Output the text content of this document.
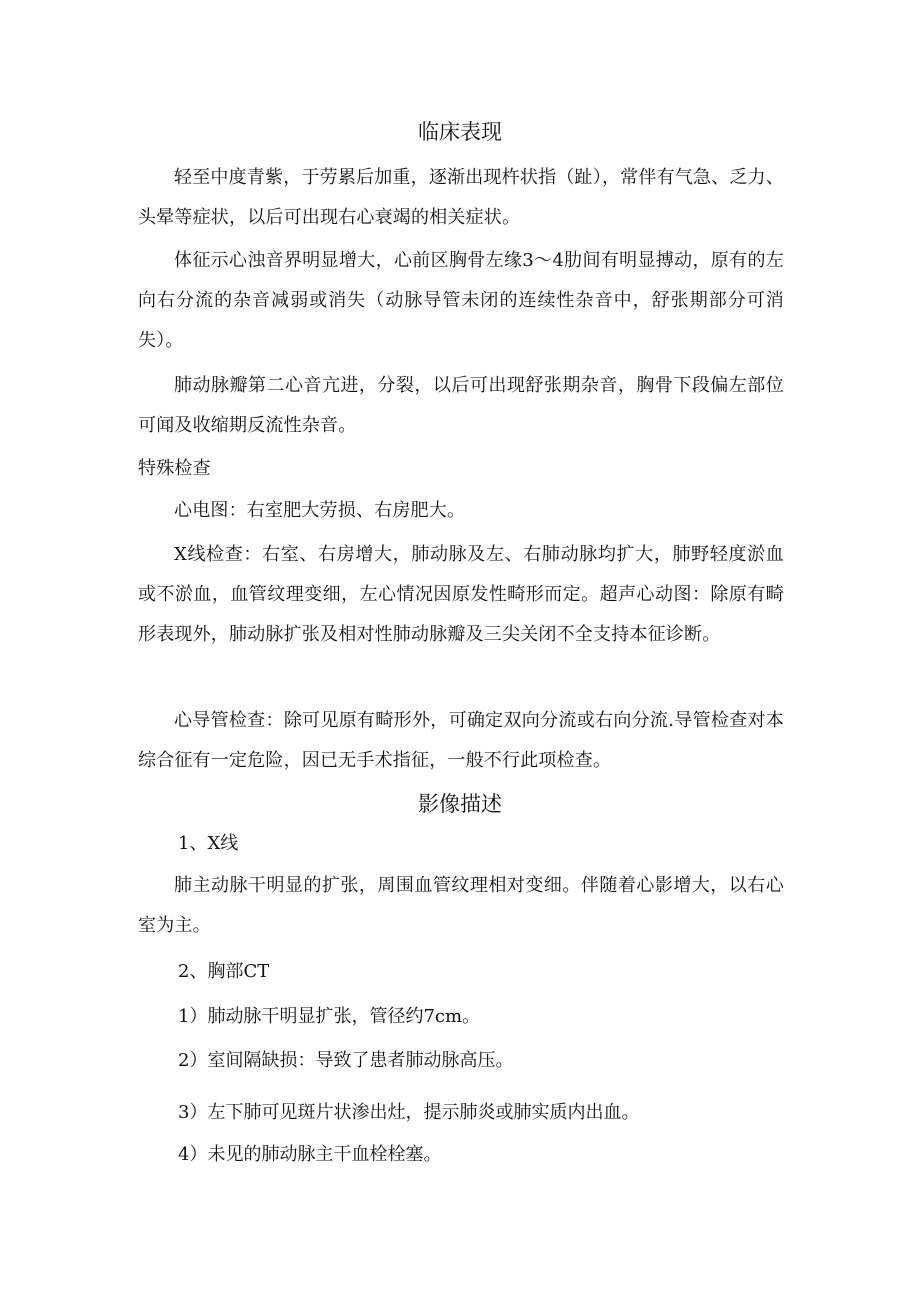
临床表现
轻至中度青紫，于劳累后加重，逐渐出现杵状指（趾），常伴有气急、乏力、头晕等症状，以后可出现右心衰竭的相关症状。
体征示心浊音界明显增大，心前区胸骨左缘3～4肋间有明显搏动，原有的左向右分流的杂音减弱或消失（动脉导管未闭的连续性杂音中，舒张期部分可消失）。
肺动脉瓣第二心音亢进，分裂，以后可出现舒张期杂音，胸骨下段偏左部位可闻及收缩期反流性杂音。
特殊检查
心电图：右室肥大劳损、右房肥大。
X线检查：右室、右房增大，肺动脉及左、右肺动脉均扩大，肺野轻度淤血或不淤血，血管纹理变细，左心情况因原发性畸形而定。超声心动图：除原有畸形表现外，肺动脉扩张及相对性肺动脉瓣及三尖关闭不全支持本征诊断。
心导管检查：除可见原有畸形外，可确定双向分流或右向分流.导管检查对本综合征有一定危险，因已无手术指征，一般不行此项检查。
影像描述
1、X线
肺主动脉干明显的扩张，周围血管纹理相对变细。伴随着心影增大，以右心室为主。
2、胸部CT
1）肺动脉干明显扩张，管径约7cm。
2）室间隔缺损：导致了患者肺动脉高压。
3）左下肺可见斑片状渗出灶，提示肺炎或肺实质内出血。
4）未见的肺动脉主干血栓栓塞。
